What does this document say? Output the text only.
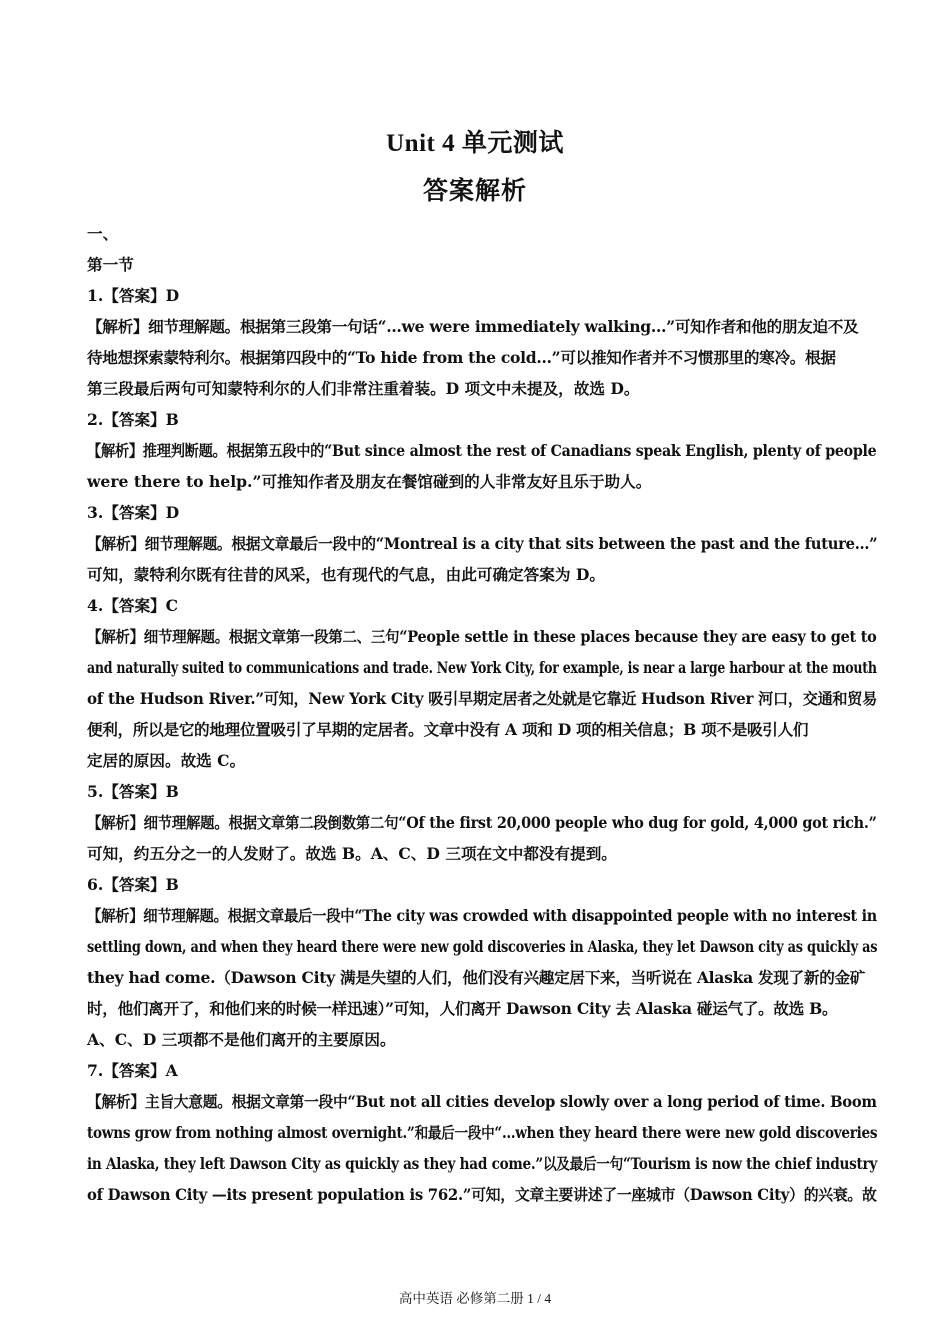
Unit 4 单元测试
答案解析
一、
第一节
1.【答案】D
【解析】细节理解题。根据第三段第一句话“…we were immediately walking…”可知作者和他的朋友迫不及
待地想探索蒙特利尔。根据第四段中的“To hide from the cold…”可以推知作者并不习惯那里的寒冷。根据
第三段最后两句可知蒙特利尔的人们非常注重着装。D 项文中未提及，故选 D。
2.【答案】B
【解析】推理判断题。根据第五段中的“But since almost the rest of Canadians speak English, plenty of people
were there to help.”可推知作者及朋友在餐馆碰到的人非常友好且乐于助人。
3.【答案】D
【解析】细节理解题。根据文章最后一段中的“Montreal is a city that sits between the past and the future…”
可知，蒙特利尔既有往昔的风采，也有现代的气息，由此可确定答案为 D。
4.【答案】C
【解析】细节理解题。根据文章第一段第二、三句“People settle in these places because they are easy to get to
and naturally suited to communications and trade. New York City, for example, is near a large harbour at the mouth
of the Hudson River.”可知，New York City 吸引早期定居者之处就是它靠近 Hudson River 河口，交通和贸易
便利，所以是它的地理位置吸引了早期的定居者。文章中没有 A 项和 D 项的相关信息；B 项不是吸引人们
定居的原因。故选 C。
5.【答案】B
【解析】细节理解题。根据文章第二段倒数第二句“Of the first 20,000 people who dug for gold, 4,000 got rich.”
可知，约五分之一的人发财了。故选 B。A、C、D 三项在文中都没有提到。
6.【答案】B
【解析】细节理解题。根据文章最后一段中“The city was crowded with disappointed people with no interest in
settling down, and when they heard there were new gold discoveries in Alaska, they let Dawson city as quickly as
they had come.（Dawson City 满是失望的人们，他们没有兴趣定居下来，当听说在 Alaska 发现了新的金矿
时，他们离开了，和他们来的时候一样迅速）”可知，人们离开 Dawson City 去 Alaska 碰运气了。故选 B。
A、C、D 三项都不是他们离开的主要原因。
7.【答案】A
【解析】主旨大意题。根据文章第一段中“But not all cities develop slowly over a long period of time. Boom
towns grow from nothing almost overnight.”和最后一段中“…when they heard there were new gold discoveries
in Alaska, they left Dawson City as quickly as they had come.”以及最后一句“Tourism is now the chief industry
of Dawson City —its present population is 762.”可知，文章主要讲述了一座城市（Dawson City）的兴衰。故
高中英语 必修第二册 1 / 4
